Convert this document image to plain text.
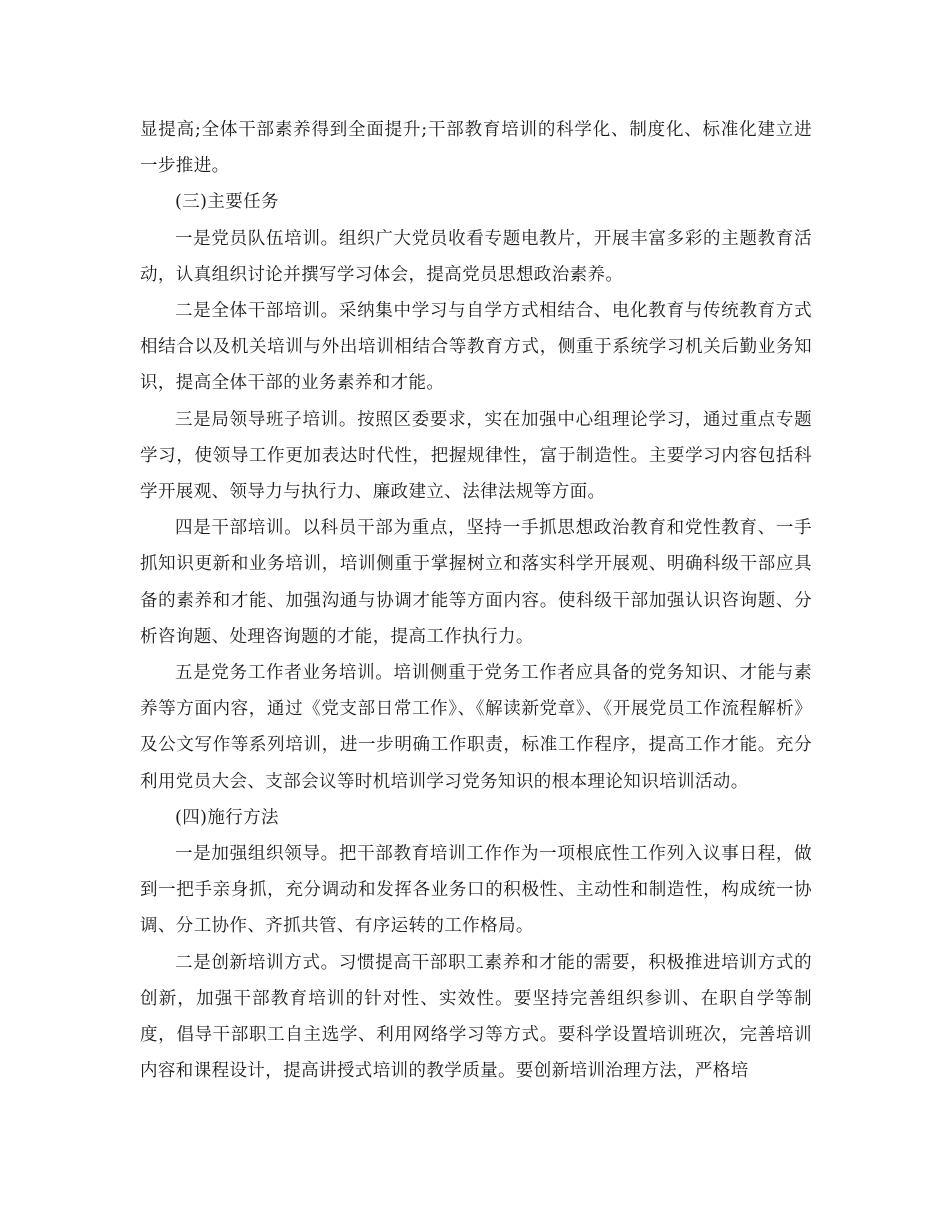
显提高;全体干部素养得到全面提升;干部教育培训的科学化、制度化、标准化建立进一步推进。

(三)主要任务

一是党员队伍培训。组织广大党员收看专题电教片，开展丰富多彩的主题教育活动，认真组织讨论并撰写学习体会，提高党员思想政治素养。

二是全体干部培训。采纳集中学习与自学方式相结合、电化教育与传统教育方式相结合以及机关培训与外出培训相结合等教育方式，侧重于系统学习机关后勤业务知识，提高全体干部的业务素养和才能。

三是局领导班子培训。按照区委要求，实在加强中心组理论学习，通过重点专题学习，使领导工作更加表达时代性，把握规律性，富于制造性。主要学习内容包括科学开展观、领导力与执行力、廉政建立、法律法规等方面。

四是干部培训。以科员干部为重点，坚持一手抓思想政治教育和党性教育、一手抓知识更新和业务培训，培训侧重于掌握树立和落实科学开展观、明确科级干部应具备的素养和才能、加强沟通与协调才能等方面内容。使科级干部加强认识咨询题、分析咨询题、处理咨询题的才能，提高工作执行力。

五是党务工作者业务培训。培训侧重于党务工作者应具备的党务知识、才能与素养等方面内容，通过《党支部日常工作》、《解读新党章》、《开展党员工作流程解析》及公文写作等系列培训，进一步明确工作职责，标准工作程序，提高工作才能。充分利用党员大会、支部会议等时机培训学习党务知识的根本理论知识培训活动。

(四)施行方法

一是加强组织领导。把干部教育培训工作作为一项根底性工作列入议事日程，做到一把手亲身抓，充分调动和发挥各业务口的积极性、主动性和制造性，构成统一协调、分工协作、齐抓共管、有序运转的工作格局。

二是创新培训方式。习惯提高干部职工素养和才能的需要，积极推进培训方式的创新，加强干部教育培训的针对性、实效性。要坚持完善组织参训、在职自学等制度，倡导干部职工自主选学、利用网络学习等方式。要科学设置培训班次，完善培训内容和课程设计，提高讲授式培训的教学质量。要创新培训治理方法，严格培
